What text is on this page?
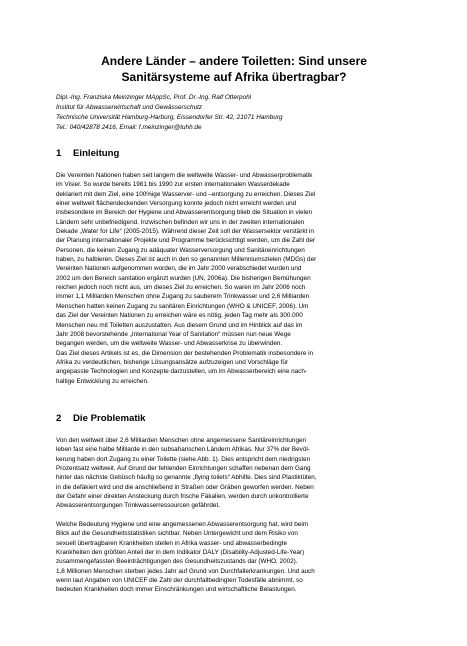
Andere Länder – andere Toiletten: Sind unsere
Sanitärsysteme auf Afrika übertragbar?
Dipl.-Ing. Franziska Meinzinger MAppSc, Prof. Dr.-Ing. Ralf Otterpohl
Institut für Abwasserwirtschaft und Gewässerschutz
Technische Universität Hamburg-Harburg, Eissendorfer Str. 42, 21071 Hamburg
Tel.: 040/42878 2416, Email: f.meinzinger@tuhh.de
1 Einleitung
Die Vereinten Nationen haben seit langem die weltweite Wasser- und Abwasserproblematik
im Visier. So wurde bereits 1981 bis 1990 zur ersten internationalen Wasserdekade
deklariert mit dem Ziel, eine 100%ige Wasserver- und –entsorgung zu erreichen. Dieses Ziel
einer weltweit flächendeckenden Versorgung konnte jedoch nicht erreicht werden und
insbesondere im Bereich der Hygiene und Abwasserentsorgung blieb die Situation in vielen
Ländern sehr unbefriedigend. Inzwischen befinden wir uns in der zweiten internationalen
Dekade „Water for Life“ (2005-2015). Während dieser Zeit soll der Wassersektor verstärkt in
der Planung internationaler Projekte und Programme berücksichtigt werden, um die Zahl der
Personen, die keinen Zugang zu adäquater Wasserversorgung und Sanitäreinrichtungen
haben, zu halbieren. Dieses Ziel ist auch in den so genannten Millenniumszielen (MDGs) der
Vereinten Nationen aufgenommen worden, die im Jahr 2000 verabschiedet wurden und
2002 um den Bereich sanitation ergänzt wurden (UN, 2006a). Die bisherigen Bemühungen
reichen jedoch noch nicht aus, um dieses Ziel zu erreichen. So waren im Jahr 2006 noch
immer 1,1 Milliarden Menschen ohne Zugang zu sauberem Trinkwasser und 2,6 Milliarden
Menschen hatten keinen Zugang zu sanitären Einrichtungen (WHO & UNICEF, 2006). Um
das Ziel der Vereinten Nationen zu erreichen wäre es nötig, jeden Tag mehr als 300.000
Menschen neu mit Toiletten auszustatten. Aus diesem Grund und im Hinblick auf das im
Jahr 2008 bevorstehende „International Year of Sanitation“ müssen nun neue Wege
begangen werden, um die weltweite Wasser- und Abwasserkrise zu überwinden.
Das Ziel dieses Artikels ist es, die Dimension der bestehenden Problematik insbesondere in
Afrika zu verdeutlichen, bisherige Lösungsansätze aufzuzeigen und Vorschläge für
angepasste Technologien und Konzepte darzustellen, um im Abwasserbereich eine nach-
haltige Entwicklung zu erreichen.
2 Die Problematik
Von den weltweit über 2,6 Milliarden Menschen ohne angemessene Sanitäreinrichtungen
leben fast eine halbe Milliarde in den subsaharischen Ländern Afrikas. Nur 37% der Bevöl-
kerung haben dort Zugang zu einer Toilette (siehe Abb. 1). Dies entspricht dem niedrigsten
Prozentsatz weltweit. Auf Grund der fehlenden Einrichtungen schaffen nebenan dem Gang
hinter das nächste Gebüsch häufig so genannte „flying toilets“ Abhilfe. Dies sind Plastiktüten,
in die defäkiert wird und die anschließend in Straßen oder Gräben geworfen werden. Neben
der Gefahr einer direkten Ansteckung durch frische Fäkalien, werden durch unkontrollierte
Abwasserentsorgungen Trinkwasserressourcen gefährdet.
Welche Bedeutung Hygiene und eine angemessenen Abwasserentsorgung hat, wird beim
Blick auf die Gesundheitsstatistiken sichtbar. Neben Untergewicht und dem Risiko von
sexuell übertragbaren Krankheiten stellen in Afrika wasser- und abwasserbedingte
Krankheiten den größten Anteil der in dem Indikator DALY (Disability-Adjusted-Life-Year)
zusammengefassten Beeinträchtigungen des Gesundheitszustands dar (WHO, 2002).
1,8 Millionen Menschen sterben jedes Jahr auf Grund von Durchfallerkrankungen. Und auch
wenn laut Angaben von UNICEF die Zahl der durchfallbedingten Todesfälle abnimmt, so
bedeuten Krankheiten doch immer Einschränkungen und wirtschaftliche Belastungen.
